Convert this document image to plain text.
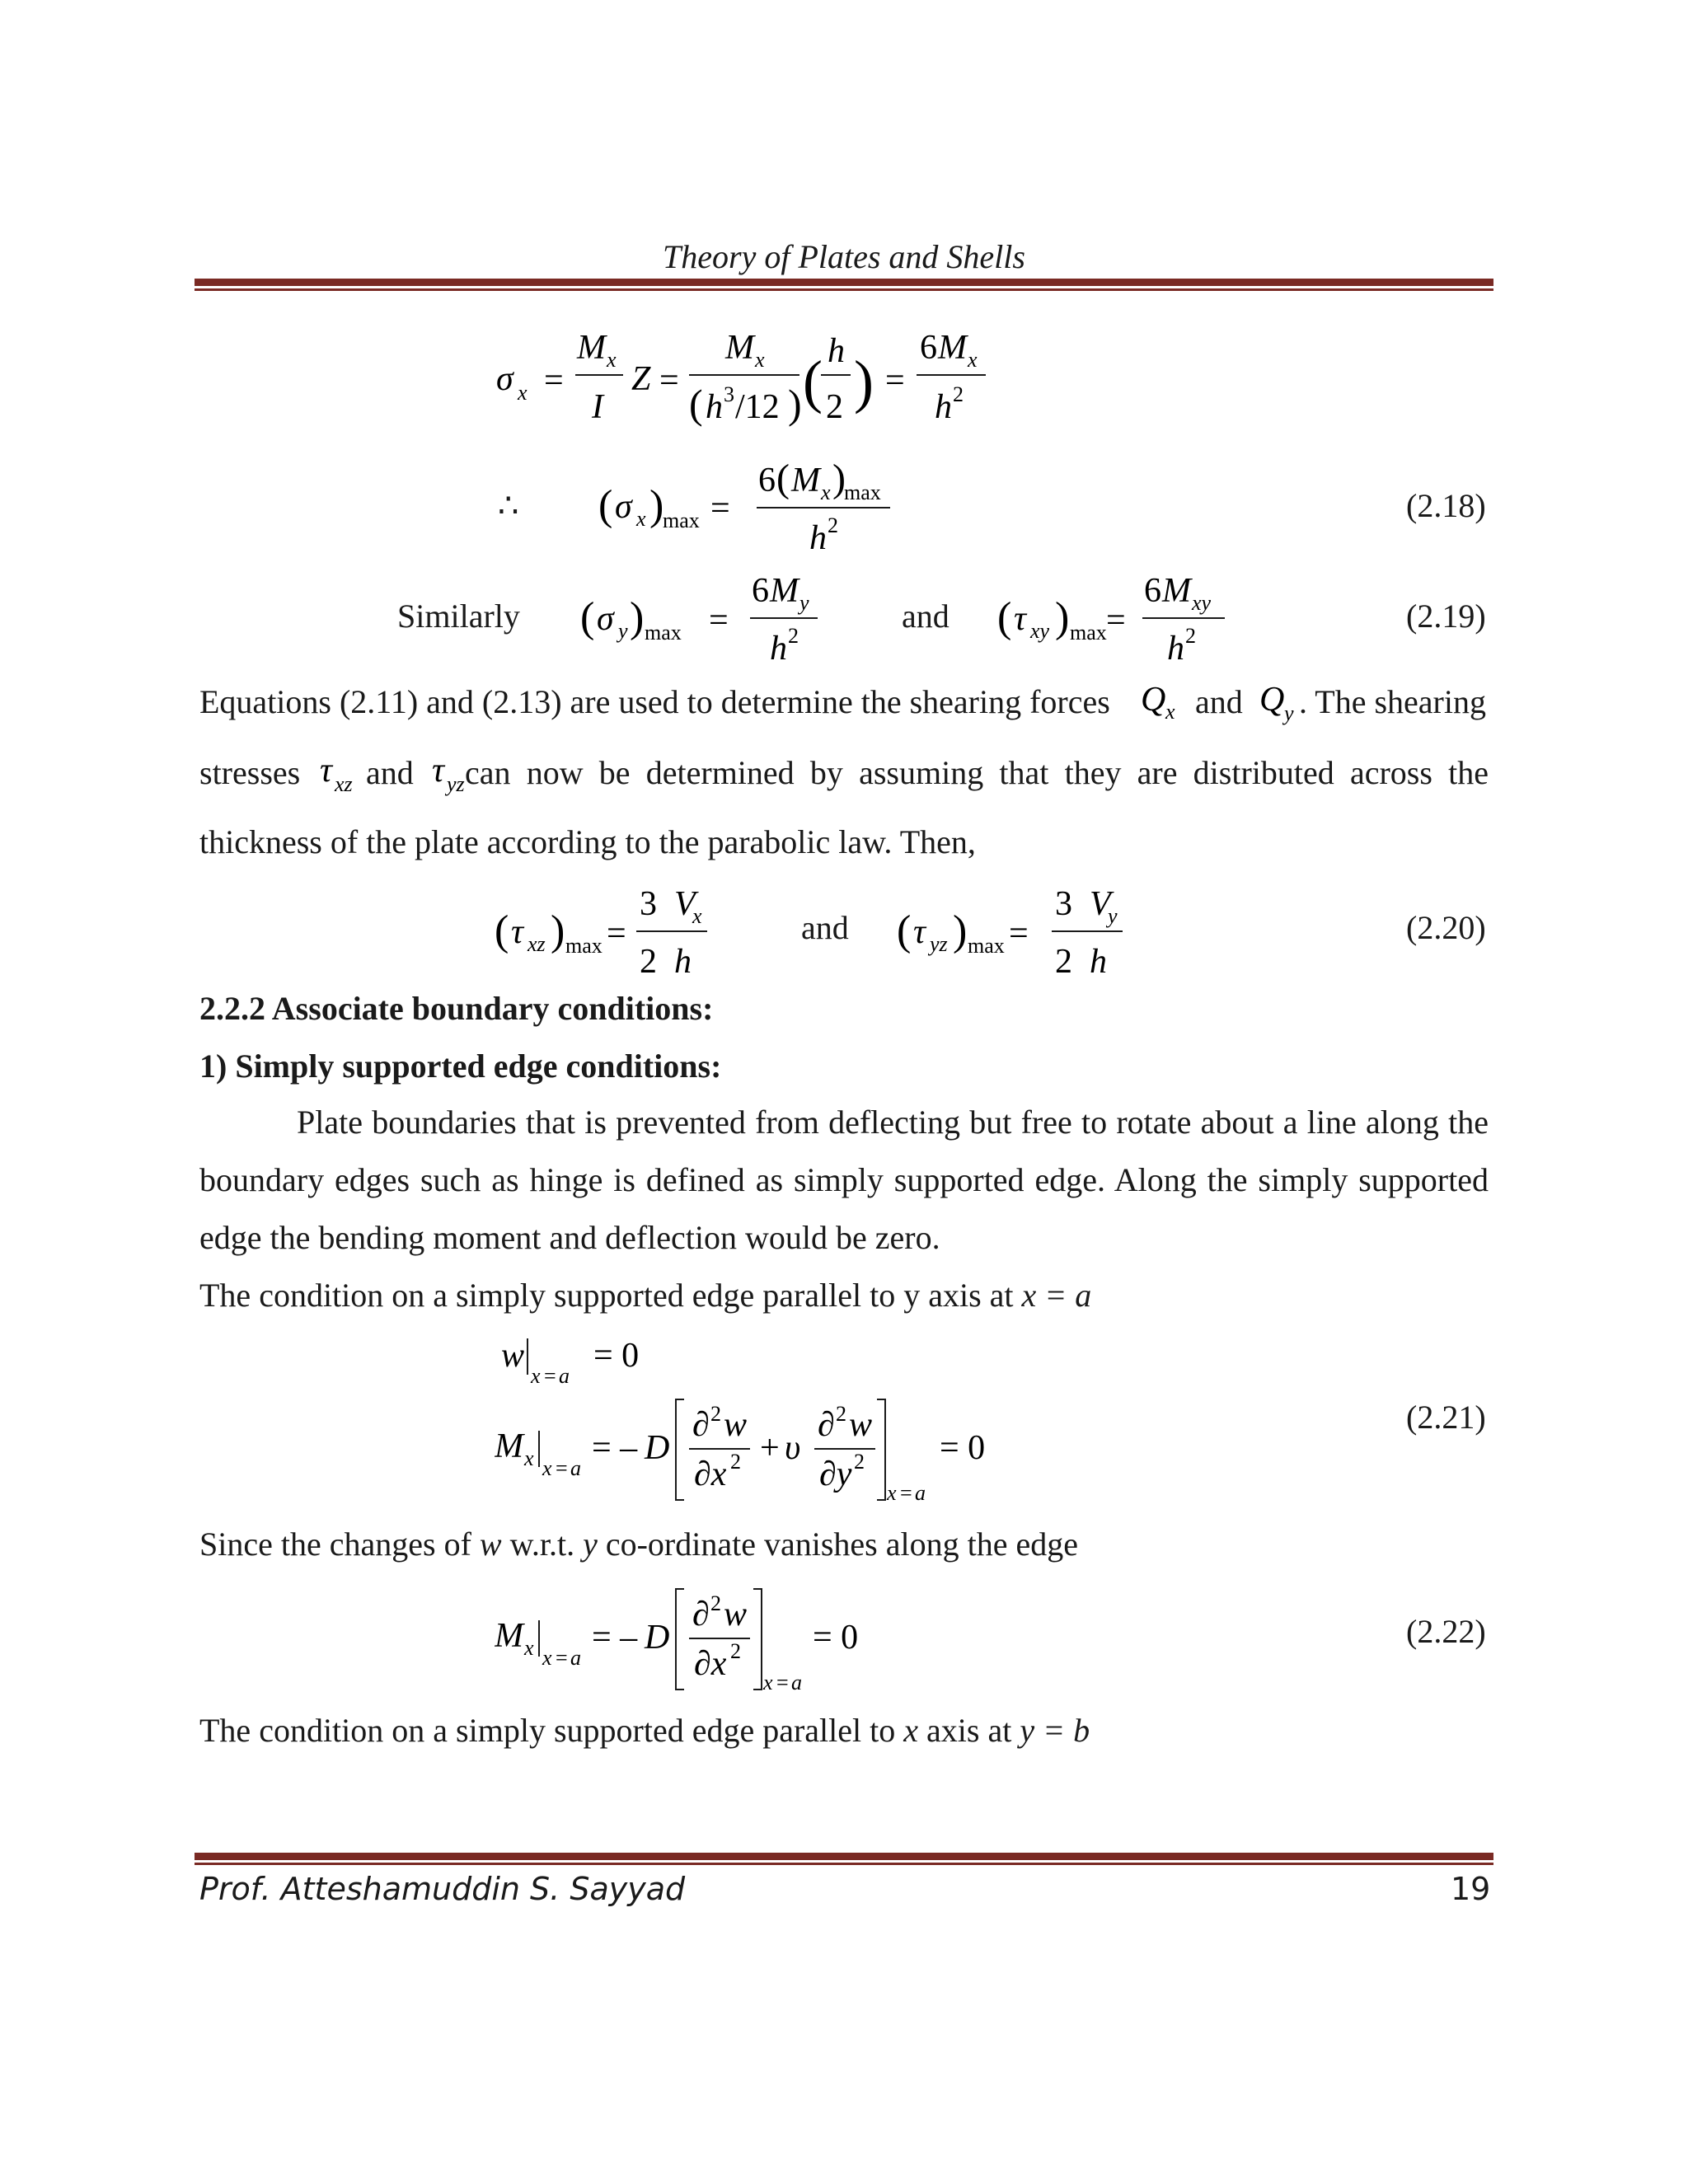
Theory of Plates and Shells
σ x =
M x
I
Z =
M x
( h 3 /12 ) ( h
2 ) =
6 M x
h 2
∴ ( σ x )
max =
6 ( M x )
max
h 2
(2.18)
Similarly ( σ y ) max =
6 M y
h 2
and ( τ xy ) max =
6 M xy
h 2
(2.19)
Equations (2.11) and (2.13) are used to determine the shearing forces Q x and Q y . The shearing
stresses τ xz and τ yz can now be determined by assuming that they are distributed across the
thickness of the plate according to the parabolic law. Then,
( τ xz ) max =
3 V
x
2 h
and ( τ yz ) max =
3 V
y
2 h
(2.20)
2.2.2 Associate boundary conditions:
1) Simply supported edge conditions:
Plate boundaries that is prevented from deflecting but free to rotate about a line along the
boundary edges such as hinge is defined as simply supported edge. Along the simply supported
edge the bending moment and deflection would be zero.
The condition on a simply supported edge parallel to y axis at x = a
w
x = a
= 0
M x x = a
= – D
∂ 2 w
∂x 2 + υ
∂ 2 w
∂y 2
x = a
= 0
(2.21)
Since the changes of w w.r.t. y co-ordinate vanishes along the edge
M x x = a
= – D
∂ 2 w
∂x 2
x = a
= 0	(2.22)
The condition on a simply supported edge parallel to x axis at y = b
Prof. Atteshamuddin S. Sayyad	19
